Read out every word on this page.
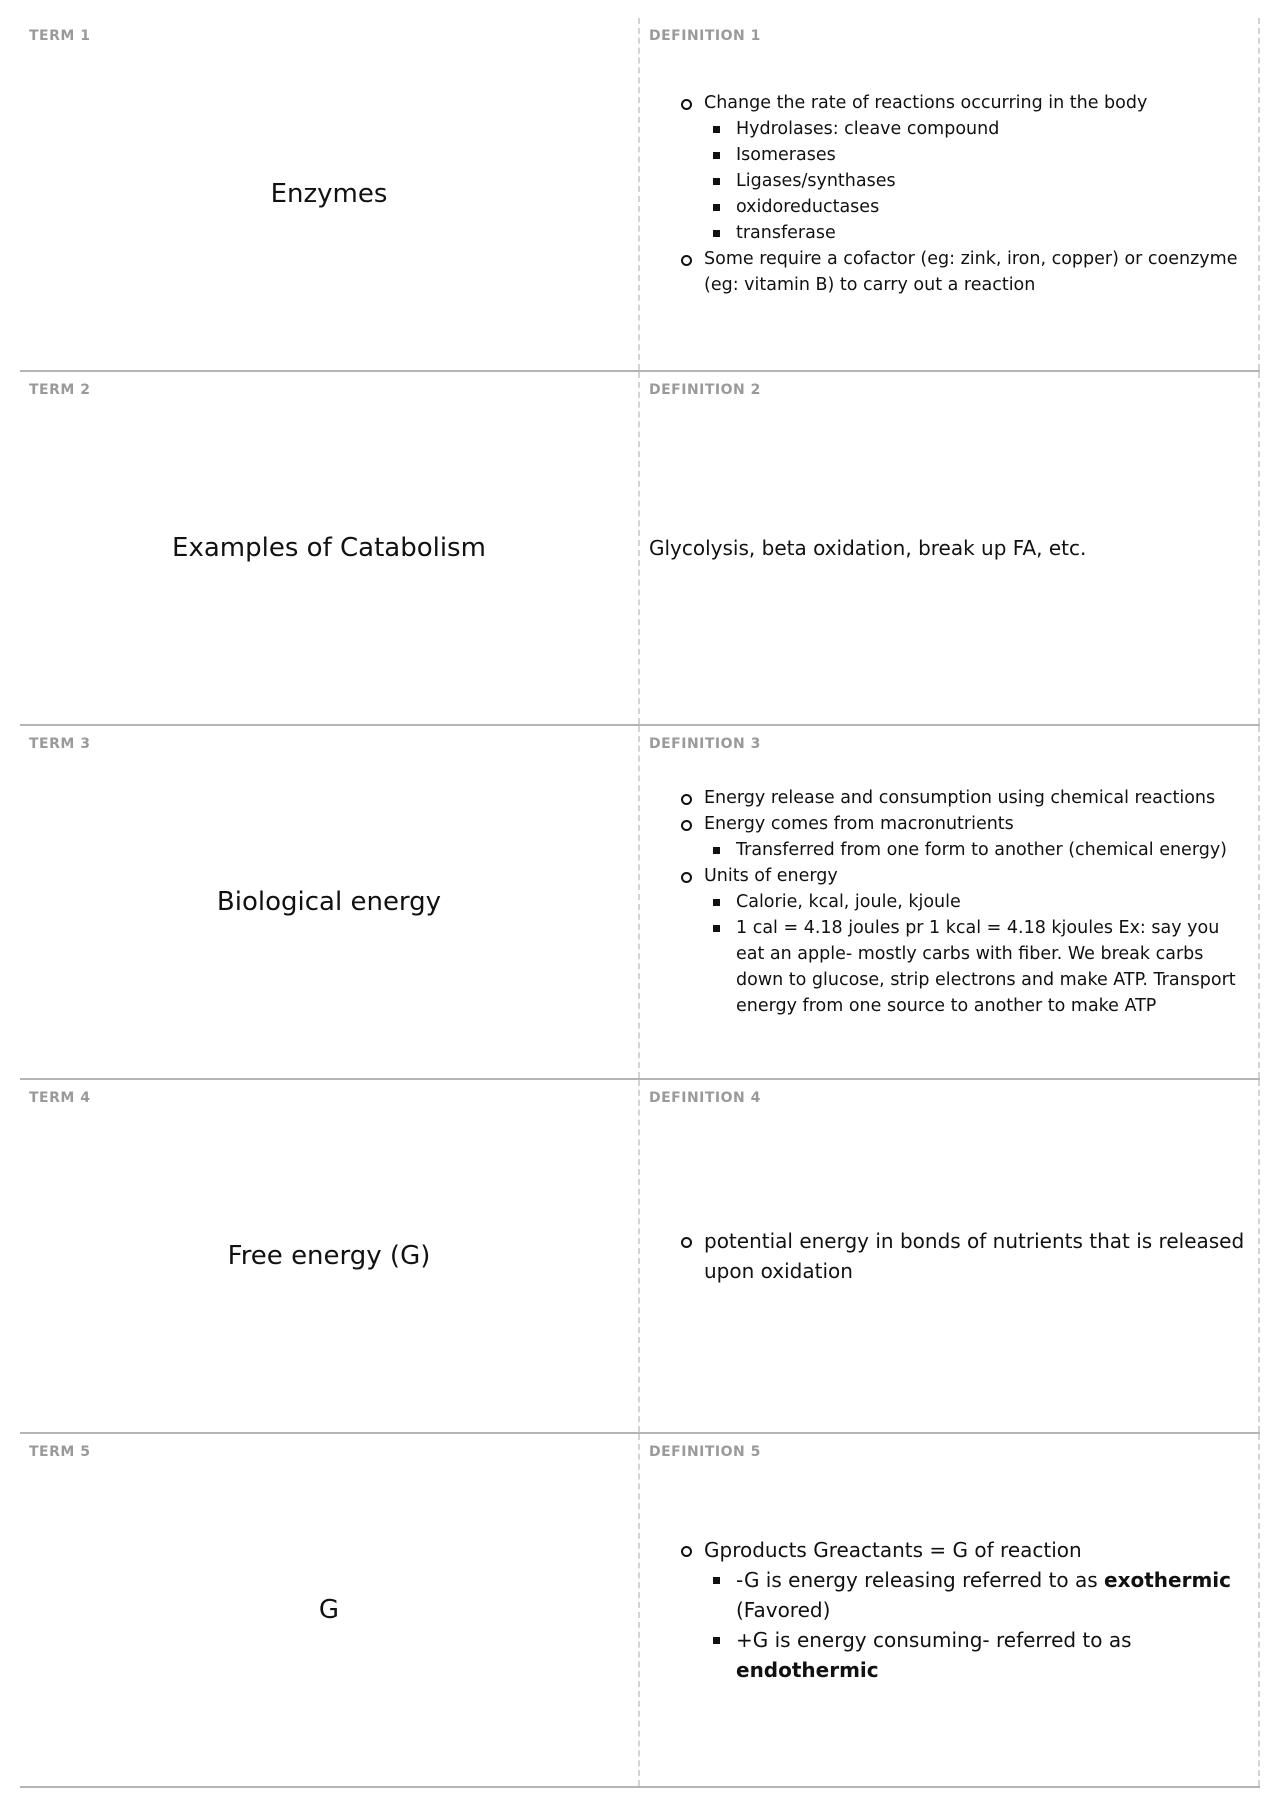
TERM 1
Enzymes
DEFINITION 1
Change the rate of reactions occurring in the body
Hydrolases: cleave compound
Isomerases
Ligases/synthases
oxidoreductases
transferase
Some require a cofactor (eg: zink, iron, copper) or coenzyme (eg: vitamin B) to carry out a reaction
TERM 2
Examples of Catabolism
DEFINITION 2
Glycolysis, beta oxidation, break up FA, etc.
TERM 3
Biological energy
DEFINITION 3
Energy release and consumption using chemical reactions
Energy comes from macronutrients
Transferred from one form to another (chemical energy)
Units of energy
Calorie, kcal, joule, kjoule
1 cal = 4.18 joules pr 1 kcal = 4.18 kjoules Ex: say you eat an apple- mostly carbs with fiber. We break carbs down to glucose, strip electrons and make ATP. Transport energy from one source to another to make ATP
TERM 4
Free energy (G)
DEFINITION 4
potential energy in bonds of nutrients that is released upon oxidation
TERM 5
G
DEFINITION 5
Gproducts Greactants = G of reaction
-G is energy releasing referred to as exothermic (Favored)
+G is energy consuming- referred to as endothermic
